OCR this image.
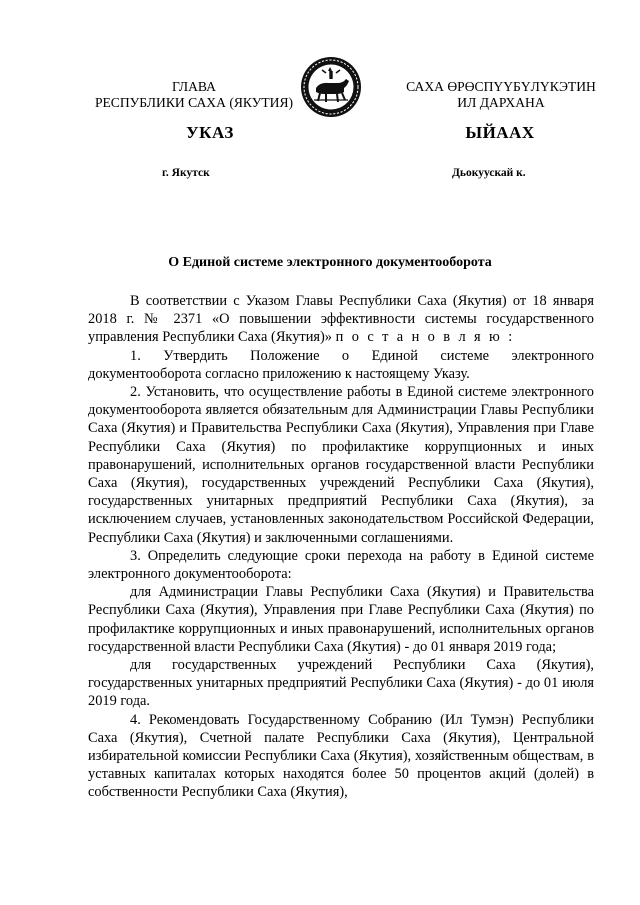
ГЛАВА
РЕСПУБЛИКИ САХА (ЯКУТИЯ)
САХА ӨРӨСПҮҮБҮЛҮКЭТИН
ИЛ ДАРХАНА
УКАЗ	ЫЙААХ
г. Якутск	Дьокуускай к.
О Единой системе электронного документооборота

В соответствии с Указом Главы Республики Саха (Якутия) от 18 января 2018 г. № 2371 «О повышении эффективности системы государственного управления Республики Саха (Якутия)» п о с т а н о в л я ю :

1. Утвердить Положение о Единой системе электронного документооборота согласно приложению к настоящему Указу.

2. Установить, что осуществление работы в Единой системе электронного документооборота является обязательным для Администрации Главы Республики Саха (Якутия) и Правительства Республики Саха (Якутия), Управления при Главе Республики Саха (Якутия) по профилактике коррупционных и иных правонарушений, исполнительных органов государственной власти Республики Саха (Якутия), государственных учреждений Республики Саха (Якутия), государственных унитарных предприятий Республики Саха (Якутия), за исключением случаев, установленных законодательством Российской Федерации, Республики Саха (Якутия) и заключенными соглашениями.

3. Определить следующие сроки перехода на работу в Единой системе электронного документооборота:

для Администрации Главы Республики Саха (Якутия) и Правительства Республики Саха (Якутия), Управления при Главе Республики Саха (Якутия) по профилактике коррупционных и иных правонарушений, исполнительных органов государственной власти Республики Саха (Якутия) - до 01 января 2019 года;

для государственных учреждений Республики Саха (Якутия), государственных унитарных предприятий Республики Саха (Якутия) - до 01 июля 2019 года.

4. Рекомендовать Государственному Собранию (Ил Тумэн) Республики Саха (Якутия), Счетной палате Республики Саха (Якутия), Центральной избирательной комиссии Республики Саха (Якутия), хозяйственным обществам, в уставных капиталах которых находятся более 50 процентов акций (долей) в собственности Республики Саха (Якутия),
